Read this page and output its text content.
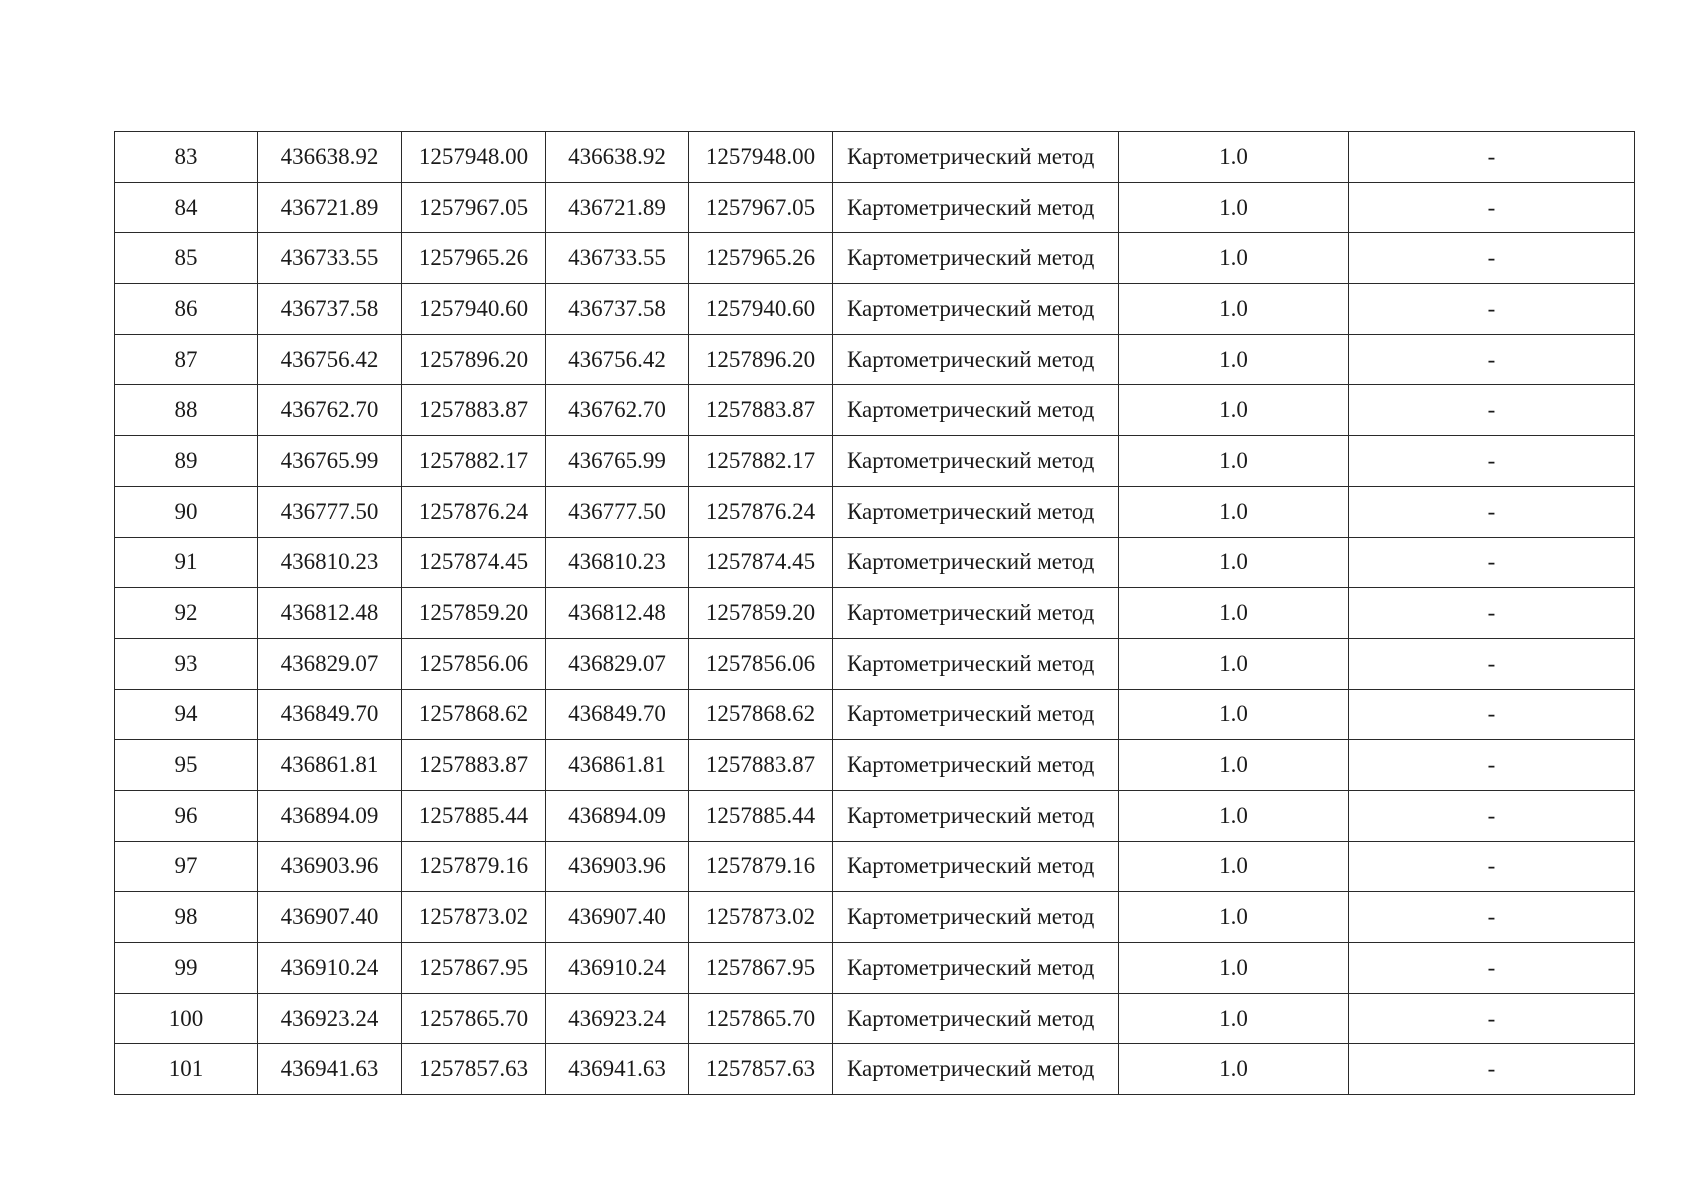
83	436638.92	1257948.00	436638.92	1257948.00	Картометрический метод	1.0	-
84	436721.89	1257967.05	436721.89	1257967.05	Картометрический метод	1.0	-
85	436733.55	1257965.26	436733.55	1257965.26	Картометрический метод	1.0	-
86	436737.58	1257940.60	436737.58	1257940.60	Картометрический метод	1.0	-
87	436756.42	1257896.20	436756.42	1257896.20	Картометрический метод	1.0	-
88	436762.70	1257883.87	436762.70	1257883.87	Картометрический метод	1.0	-
89	436765.99	1257882.17	436765.99	1257882.17	Картометрический метод	1.0	-
90	436777.50	1257876.24	436777.50	1257876.24	Картометрический метод	1.0	-
91	436810.23	1257874.45	436810.23	1257874.45	Картометрический метод	1.0	-
92	436812.48	1257859.20	436812.48	1257859.20	Картометрический метод	1.0	-
93	436829.07	1257856.06	436829.07	1257856.06	Картометрический метод	1.0	-
94	436849.70	1257868.62	436849.70	1257868.62	Картометрический метод	1.0	-
95	436861.81	1257883.87	436861.81	1257883.87	Картометрический метод	1.0	-
96	436894.09	1257885.44	436894.09	1257885.44	Картометрический метод	1.0	-
97	436903.96	1257879.16	436903.96	1257879.16	Картометрический метод	1.0	-
98	436907.40	1257873.02	436907.40	1257873.02	Картометрический метод	1.0	-
99	436910.24	1257867.95	436910.24	1257867.95	Картометрический метод	1.0	-
100	436923.24	1257865.70	436923.24	1257865.70	Картометрический метод	1.0	-
101	436941.63	1257857.63	436941.63	1257857.63	Картометрический метод	1.0	-
